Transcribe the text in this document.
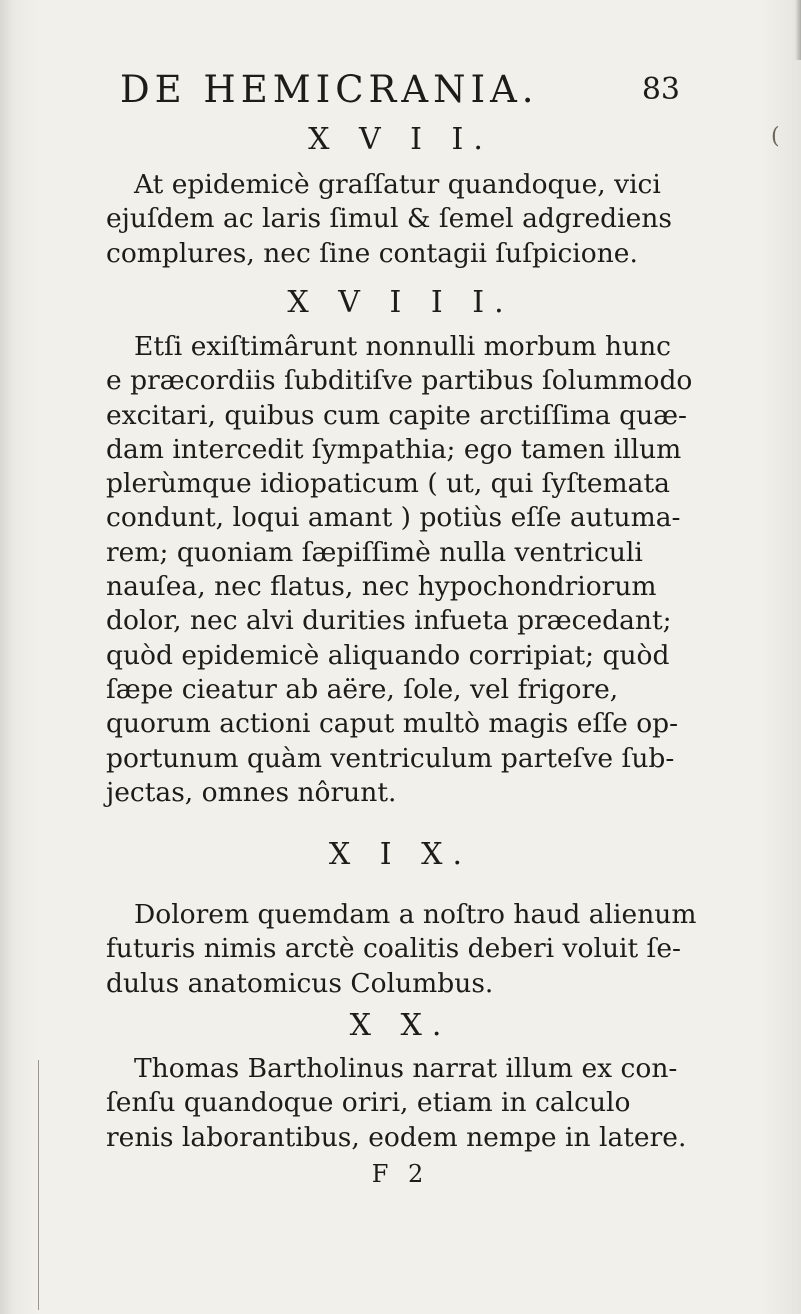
(
DE HEMICRANIA.	83
X V I I.
At epidemicè graſſatur quandoque, vici
ejuſdem ac laris ſimul & ſemel adgrediens
complures, nec ſine contagii ſuſpicione.
X V I I I.
Etſi exiſtimârunt nonnulli morbum hunc
e præcordiis ſubditiſve partibus ſolummodo
excitari, quibus cum capite arctiſſima quæ-
dam intercedit ſympathia; ego tamen illum
plerùmque idiopaticum ( ut, qui ſyſtemata
condunt, loqui amant ) potiùs eſſe autuma-
rem; quoniam ſæpiſſimè nulla ventriculi
nauſea, nec flatus, nec hypochondriorum
dolor, nec alvi durities infueta præcedant;
quòd epidemicè aliquando corripiat; quòd
ſæpe cieatur ab aëre, ſole, vel frigore,
quorum actioni caput multò magis eſſe op-
portunum quàm ventriculum parteſve ſub-
jectas, omnes nôrunt.
X I X.
Dolorem quemdam a noſtro haud alienum
futuris nimis arctè coalitis deberi voluit ſe-
dulus anatomicus Columbus.
X X.
Thomas Bartholinus narrat illum ex con-
ſenſu quandoque oriri, etiam in calculo
renis laborantibus, eodem nempe in latere.
F 2
